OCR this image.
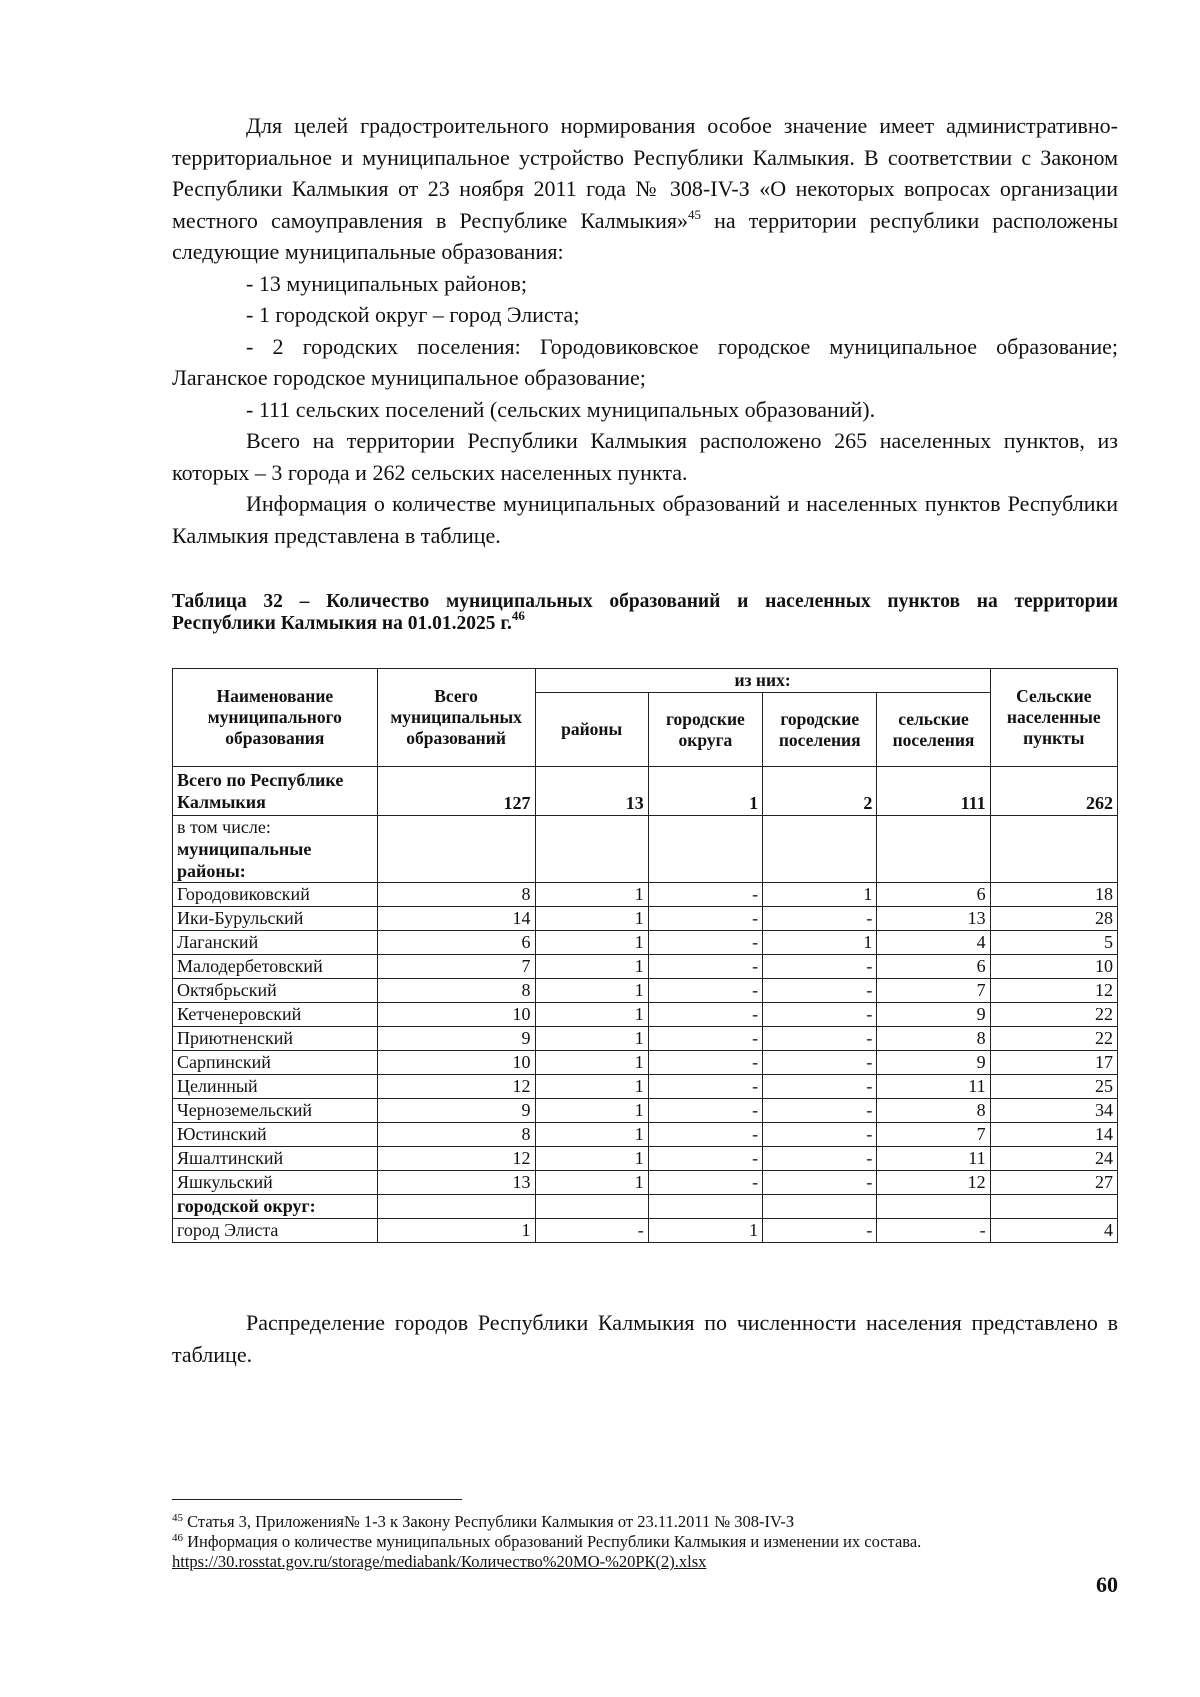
Для целей градостроительного нормирования особое значение имеет административно-территориальное и муниципальное устройство Республики Калмыкия. В соответствии с Законом Республики Калмыкия от 23 ноября 2011 года № 308-IV-З «О некоторых вопросах организации местного самоуправления в Республике Калмыкия»$^{45}$ на территории республики расположены следующие муниципальные образования:

- 13 муниципальных районов;

- 1 городской округ – город Элиста;

- 2 городских поселения: Городовиковское городское муниципальное образование; Лаганское городское муниципальное образование;

- 111 сельских поселений (сельских муниципальных образований).

Всего на территории Республики Калмыкия расположено 265 населенных пунктов, из которых – 3 города и 262 сельских населенных пункта.

Информация о количестве муниципальных образований и населенных пунктов Республики Калмыкия представлена в таблице.

Таблица 32 – Количество муниципальных образований и населенных пунктов на территории
Республики Калмыкия на 01.01.2025 г.$^{46}$

Наименование муниципального образования	Всего муниципальных образований	из них:				Сельские населенные пункты
		районы	городские округа	городские поселения	сельские поселения	
Всего по Республике Калмыкия	127	13	1	2	111	262
в том числе:
муниципальные районы:						
Городовиковский	8	1	-	1	6	18
Ики-Бурульский	14	1	-	-	13	28
Лаганский	6	1	-	1	4	5
Малодербетовский	7	1	-	-	6	10
Октябрьский	8	1	-	-	7	12
Кетченеровский	10	1	-	-	9	22
Приютненский	9	1	-	-	8	22
Сарпинский	10	1	-	-	9	17
Целинный	12	1	-	-	11	25
Черноземельский	9	1	-	-	8	34
Юстинский	8	1	-	-	7	14
Яшалтинский	12	1	-	-	11	24
Яшкульский	13	1	-	-	12	27
городской округ:						
город Элиста	1	-	1	-	-	4

Распределение городов Республики Калмыкия по численности населения представлено в таблице.

$^{45}$ Статья 3, Приложения№ 1-3 к Закону Республики Калмыкия от 23.11.2011 № 308-IV-З

$^{46}$ Информация о количестве муниципальных образований Республики Калмыкия и изменении их состава.
https://30.rosstat.gov.ru/storage/mediabank/Количество%20МО-%20РК(2).xlsx

60
